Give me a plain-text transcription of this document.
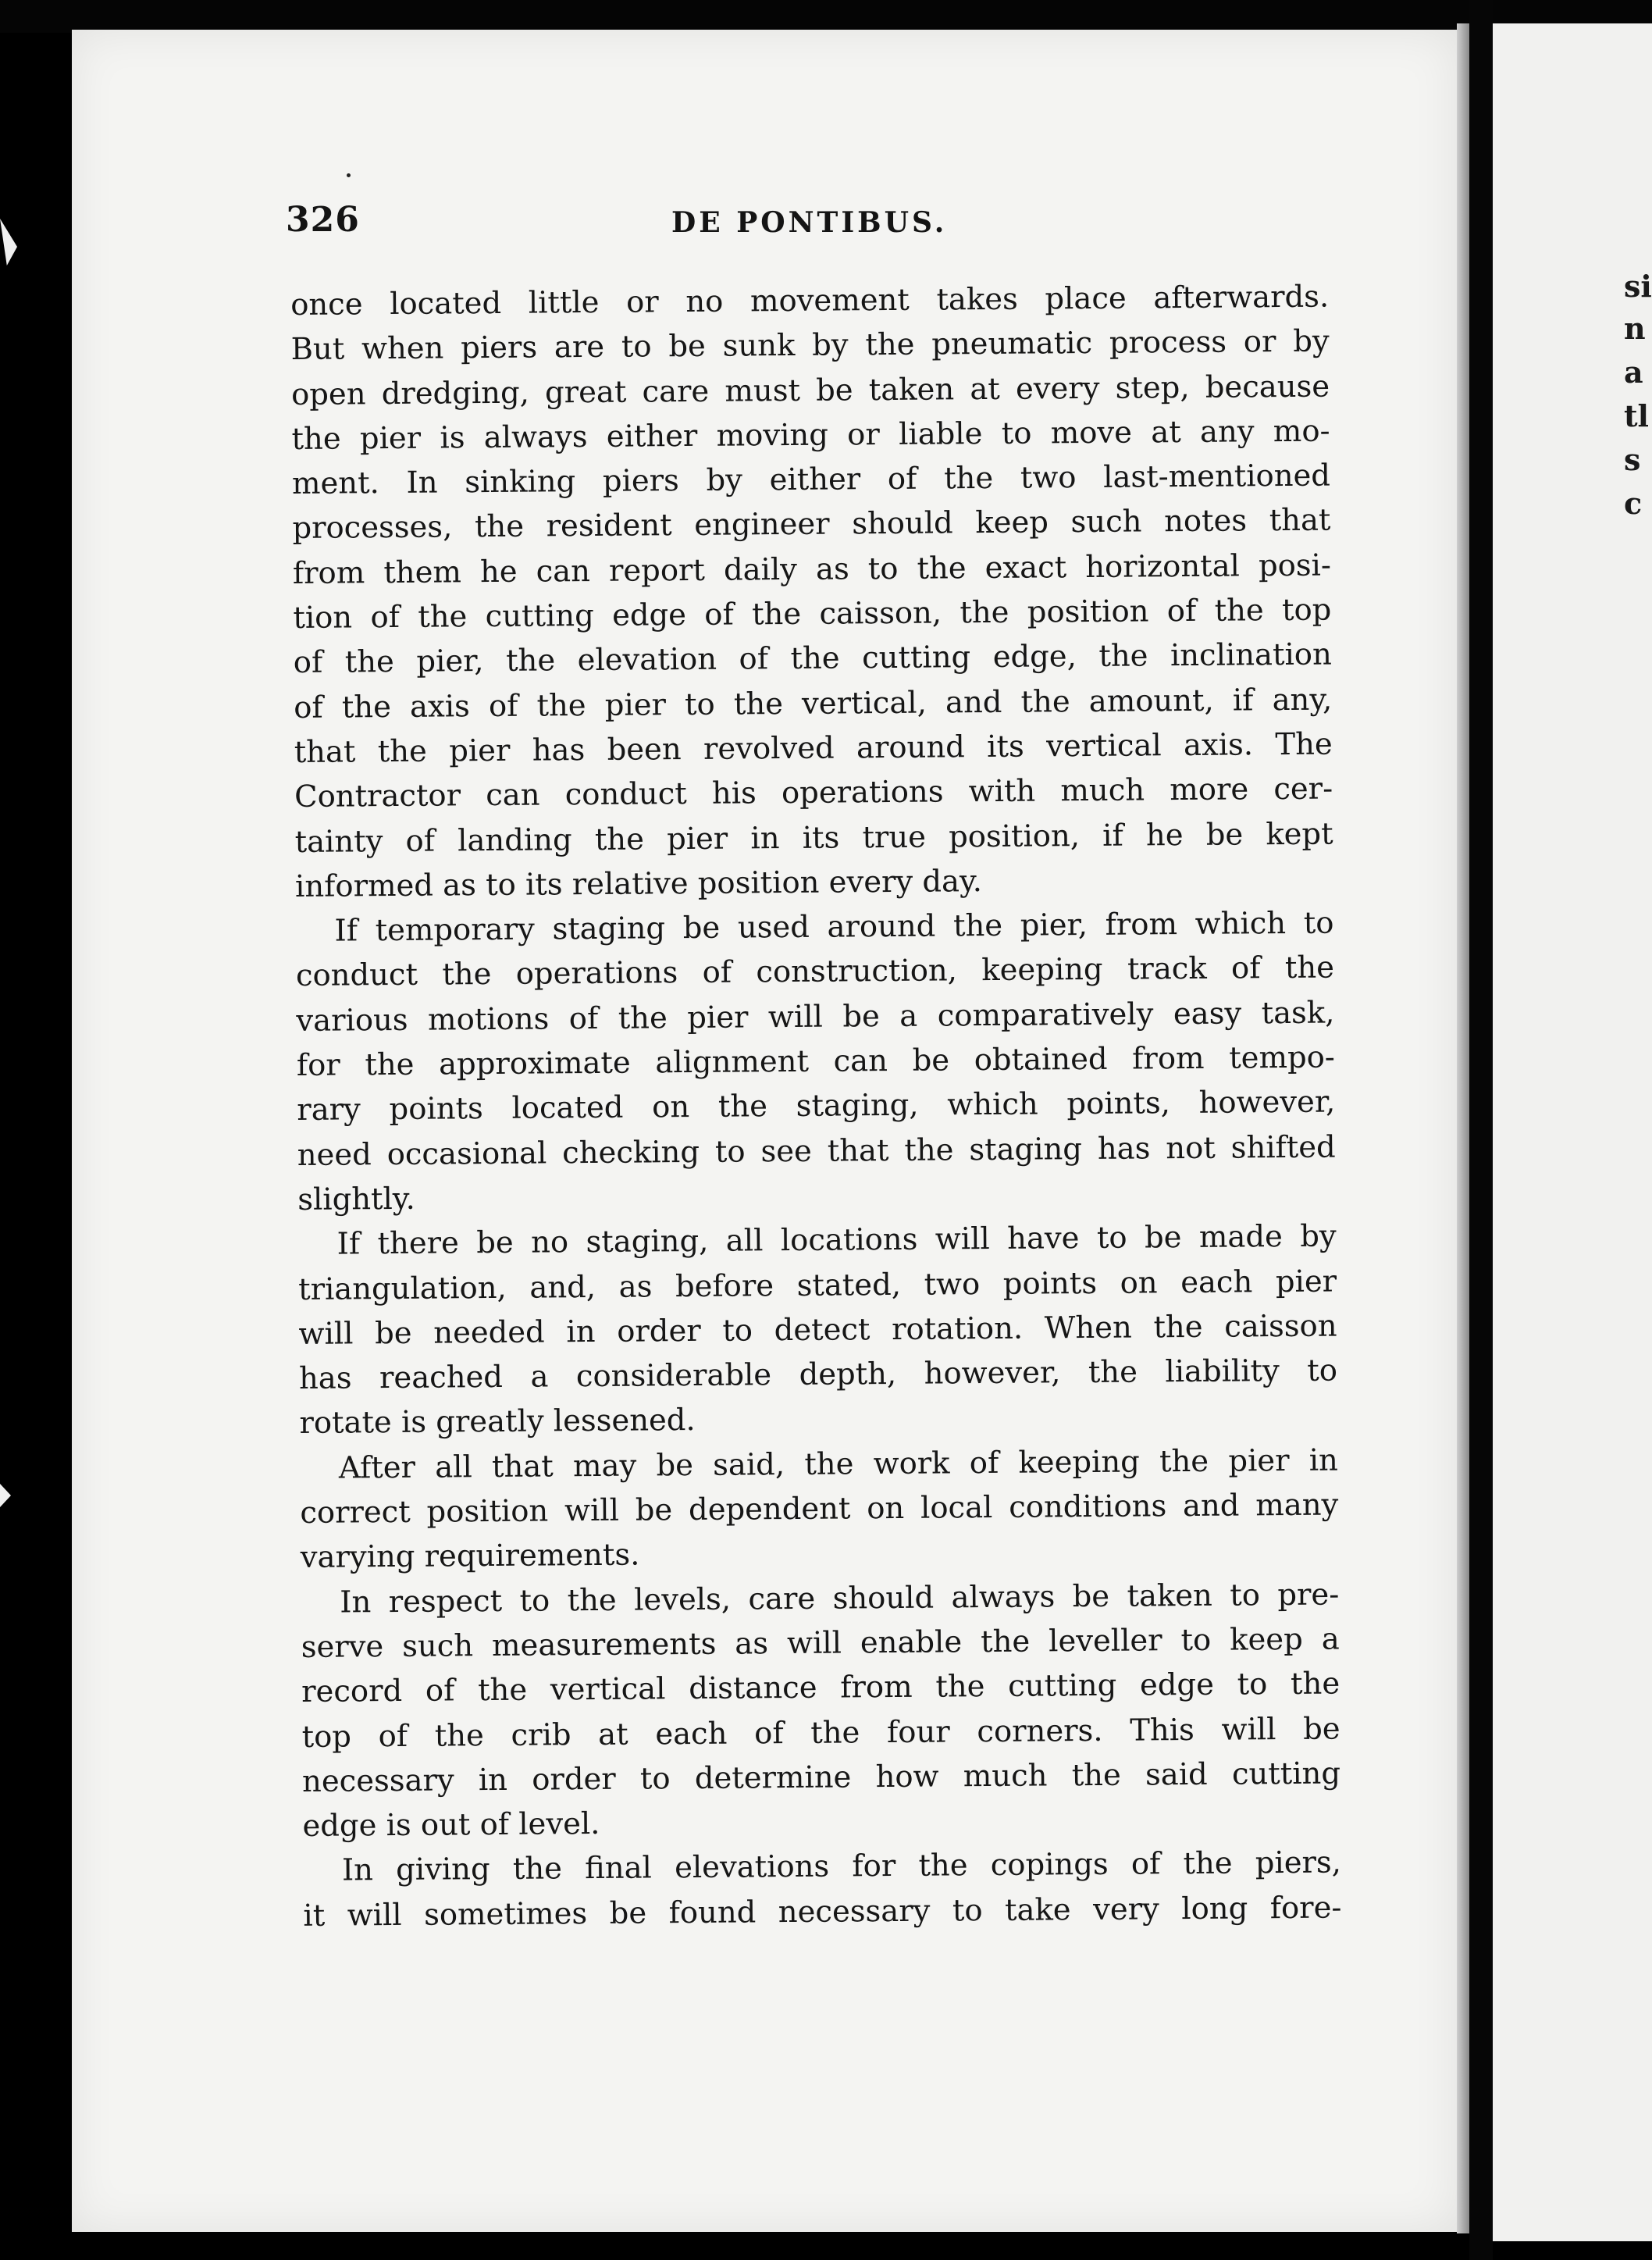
si
n
a
tl
s
c
326	DE PONTIBUS.
once located little or no movement takes place afterwards.
But when piers are to be sunk by the pneumatic process or by
open dredging, great care must be taken at every step, because
the pier is always either moving or liable to move at any mo-
ment. In sinking piers by either of the two last-mentioned
processes, the resident engineer should keep such notes that
from them he can report daily as to the exact horizontal posi-
tion of the cutting edge of the caisson, the position of the top
of the pier, the elevation of the cutting edge, the inclination
of the axis of the pier to the vertical, and the amount, if any,
that the pier has been revolved around its vertical axis. The
Contractor can conduct his operations with much more cer-
tainty of landing the pier in its true position, if he be kept
informed as to its relative position every day.
If temporary staging be used around the pier, from which to
conduct the operations of construction, keeping track of the
various motions of the pier will be a comparatively easy task,
for the approximate alignment can be obtained from tempo-
rary points located on the staging, which points, however,
need occasional checking to see that the staging has not shifted
slightly.
If there be no staging, all locations will have to be made by
triangulation, and, as before stated, two points on each pier
will be needed in order to detect rotation. When the caisson
has reached a considerable depth, however, the liability to
rotate is greatly lessened.
After all that may be said, the work of keeping the pier in
correct position will be dependent on local conditions and many
varying requirements.
In respect to the levels, care should always be taken to pre-
serve such measurements as will enable the leveller to keep a
record of the vertical distance from the cutting edge to the
top of the crib at each of the four corners. This will be
necessary in order to determine how much the said cutting
edge is out of level.
In giving the final elevations for the copings of the piers,
it will sometimes be found necessary to take very long fore-
